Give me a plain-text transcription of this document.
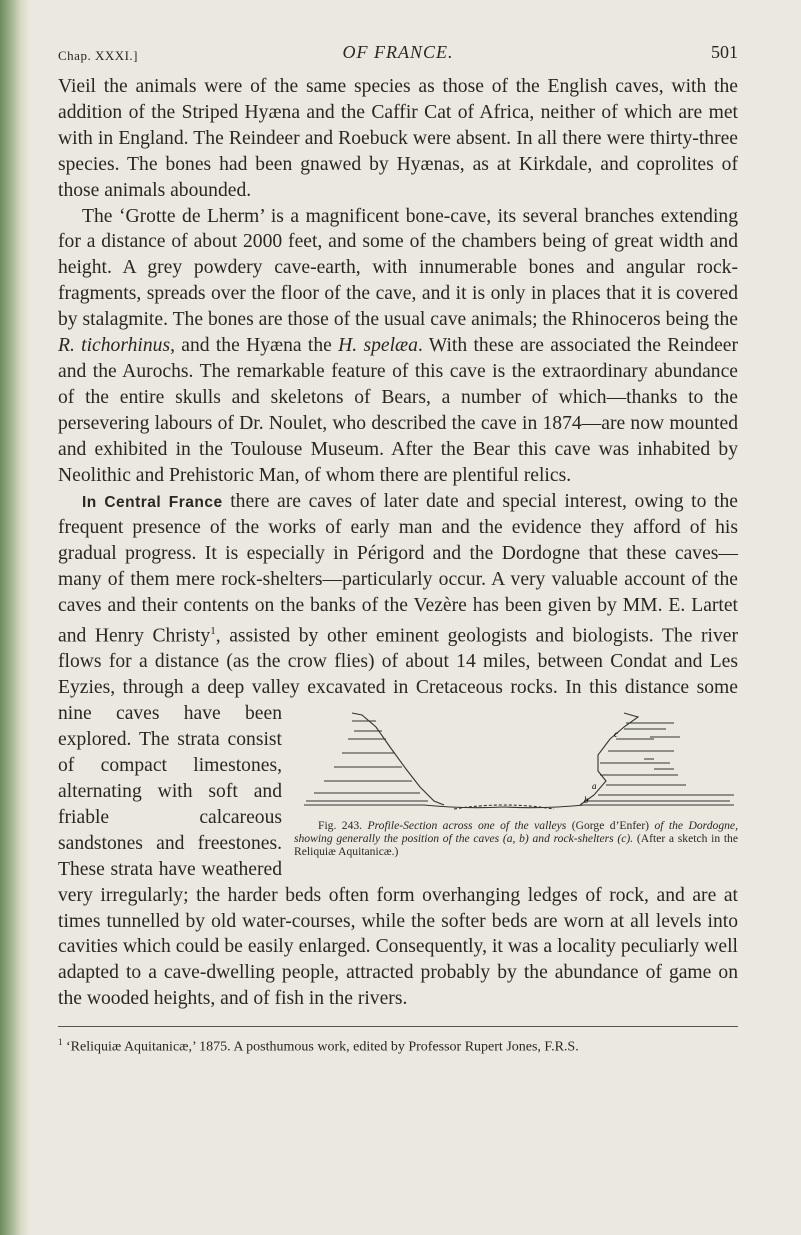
Chap. XXXI.]	OF FRANCE.	501

Vieil the animals were of the same species as those of the English caves, with the addition of the Striped Hyæna and the Caffir Cat of Africa, neither of which are met with in England. The Reindeer and Roebuck were absent. In all there were thirty-three species. The bones had been gnawed by Hyænas, as at Kirkdale, and coprolites of those animals abounded.

The ‘Grotte de Lherm’ is a magnificent bone-cave, its several branches extending for a distance of about 2000 feet, and some of the chambers being of great width and height. A grey powdery cave-earth, with innumerable bones and angular rock-fragments, spreads over the floor of the cave, and it is only in places that it is covered by stalagmite. The bones are those of the usual cave animals; the Rhinoceros being the R. tichorhinus, and the Hyæna the H. spelæa. With these are associated the Reindeer and the Aurochs. The remarkable feature of this cave is the extraordinary abundance of the entire skulls and skeletons of Bears, a number of which—thanks to the persevering labours of Dr. Noulet, who described the cave in 1874—are now mounted and exhibited in the Toulouse Museum. After the Bear this cave was inhabited by Neolithic and Prehistoric Man, of whom there are plentiful relics.

In Central France there are caves of later date and special interest, owing to the frequent presence of the works of early man and the evidence they afford of his gradual progress. It is especially in Périgord and the Dordogne that these caves—many of them mere rock-shelters—particularly occur. A very valuable account of the caves and their contents on the banks of the Vezère has been given by MM. E. Lartet and Henry Christy$^1$, assisted by other eminent geologists and biologists. The river flows for a distance (as the crow flies) of about 14 miles, between Condat and Les Eyzies, through a deep valley excavated in Cretaceous rocks.
a
b
c
Fig. 243. Profile-Section across one of the valleys (Gorge d’Enfer) of the Dordogne, showing generally the position of the caves (a, b) and rock-shelters (c). (After a sketch in the Reliquiæ Aquitanicæ.)
In this distance some nine caves have been explored. The strata consist of compact limestones, alternating with soft and friable calcareous sandstones and freestones. These strata have weathered very irregularly; the harder beds often form overhanging ledges of rock, and are at times tunnelled by old water-courses, while the softer beds are worn at all levels into cavities which could be easily enlarged. Consequently, it was a locality peculiarly well adapted to a cave-dwelling people, attracted probably by the abundance of game on the wooded heights, and of fish in the rivers.

$^1$ ‘Reliquiæ Aquitanicæ,’ 1875. A posthumous work, edited by Professor Rupert Jones, F.R.S.
